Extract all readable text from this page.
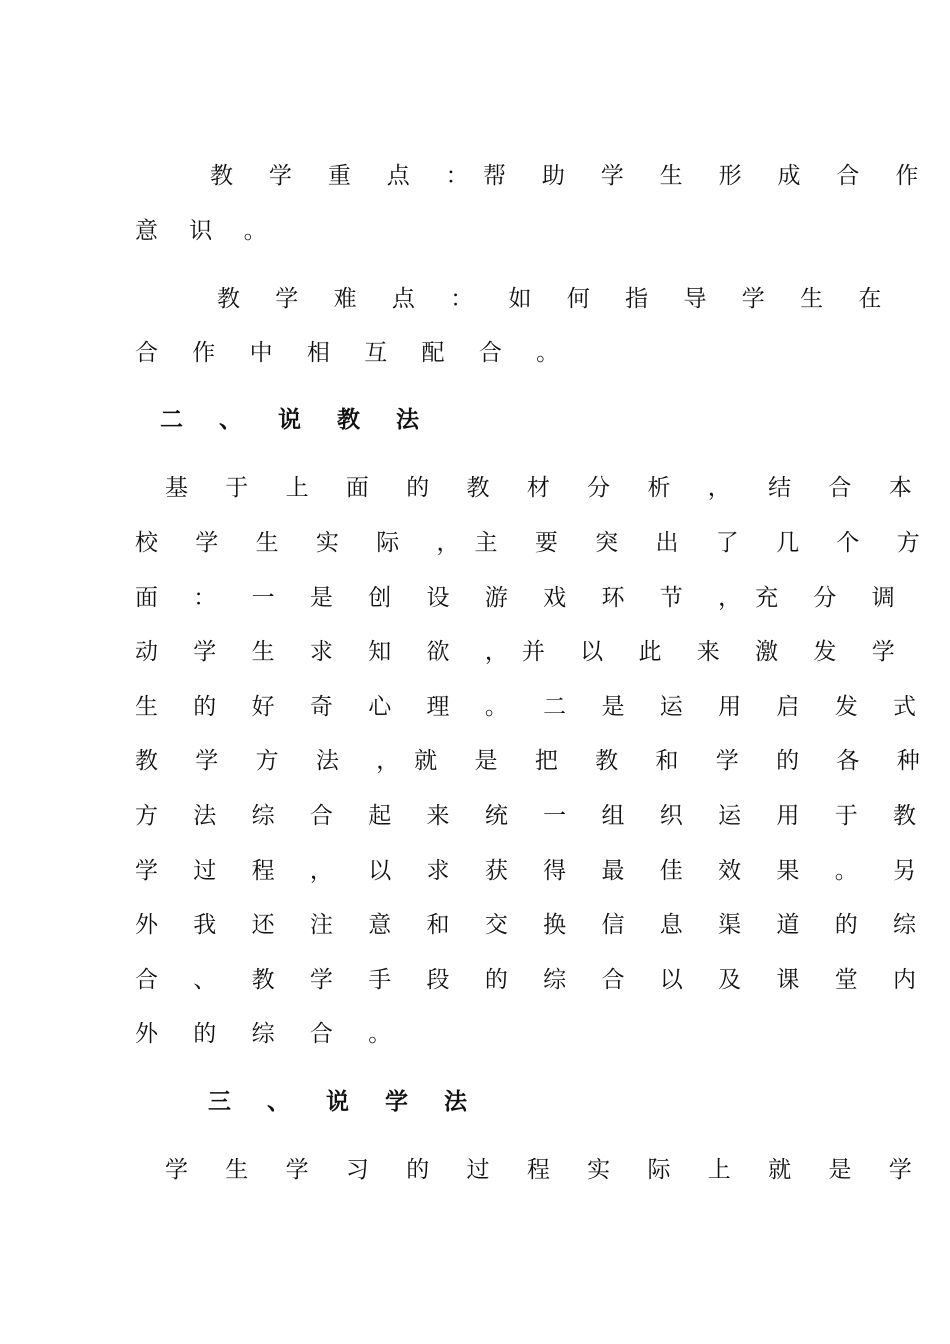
教 学 重 点 ：帮 助 学 生 形 成 合 作

意 识 。

教 学 难 点 ： 如 何 指 导 学 生 在

合 作 中 相 互 配 合 。

二 、 说 教 法

基 于 上 面 的 教 材 分 析 ， 结 合 本

校 学 生 实 际 ，主 要 突 出 了 几 个 方

面 ： 一 是 创 设 游 戏 环 节 ，充 分 调

动 学 生 求 知 欲 ，并 以 此 来 激 发 学

生 的 好 奇 心 理 。 二 是 运 用 启 发 式

教 学 方 法 ，就 是 把 教 和 学 的 各 种

方 法 综 合 起 来 统 一 组 织 运 用 于 教

学 过 程 ， 以 求 获 得 最 佳 效 果 。 另

外 我 还 注 意 和 交 换 信 息 渠 道 的 综

合 、 教 学 手 段 的 综 合 以 及 课 堂 内

外 的 综 合 。

三 、 说 学 法

学 生 学 习 的 过 程 实 际 上 就 是 学
